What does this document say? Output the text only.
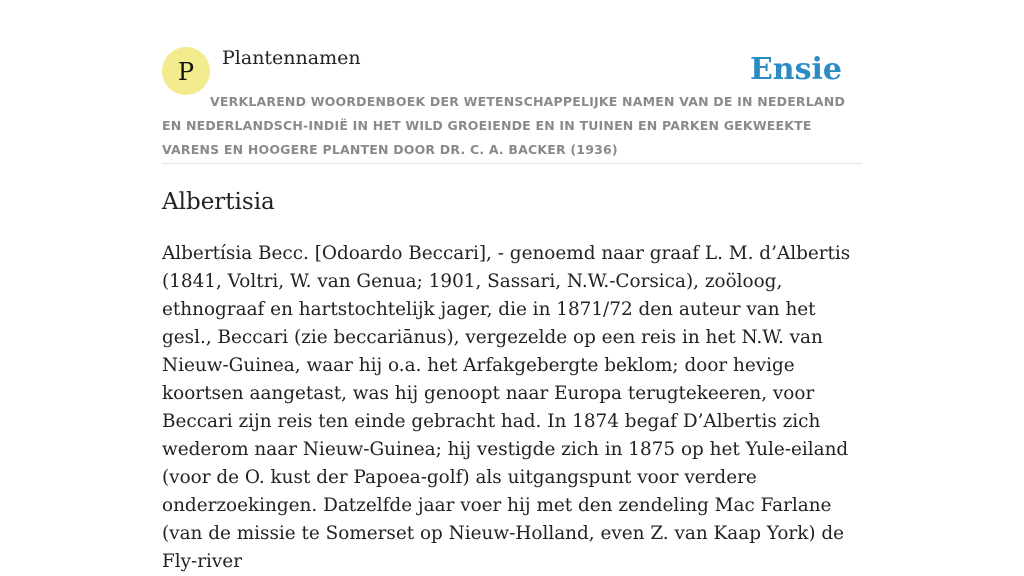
P Plantennamen	Ensie
VERKLAREND WOORDENBOEK DER WETENSCHAPPELIJKE NAMEN VAN DE IN NEDERLAND EN NEDERLANDSCH-INDIË IN HET WILD GROEIENDE EN IN TUINEN EN PARKEN GEKWEEKTE VARENS EN HOOGERE PLANTEN DOOR DR. C. A. BACKER (1936)
Albertisia

Albertísia Becc. [Odoardo Beccari], - genoemd naar graaf L. M. d’Albertis (1841, Voltri, W. van Genua; 1901, Sassari, N.W.-Corsica), zoöloog, ethnograaf en hartstochtelijk jager, die in 1871/72 den auteur van het gesl., Beccari (zie beccariānus), vergezelde op een reis in het N.W. van Nieuw-Guinea, waar hij o.a. het Arfakgebergte beklom; door hevige koortsen aangetast, was hij genoopt naar Europa terugtekeeren, voor Beccari zijn reis ten einde gebracht had. In 1874 begaf D’Albertis zich wederom naar Nieuw-Guinea; hij vestigde zich in 1875 op het Yule-eiland (voor de O. kust der Papoea-golf) als uitgangspunt voor verdere onderzoekingen. Datzelfde jaar voer hij met den zendeling Mac Farlane (van de missie te Somerset op Nieuw-Holland, even Z. van Kaap York) de Fly-river
